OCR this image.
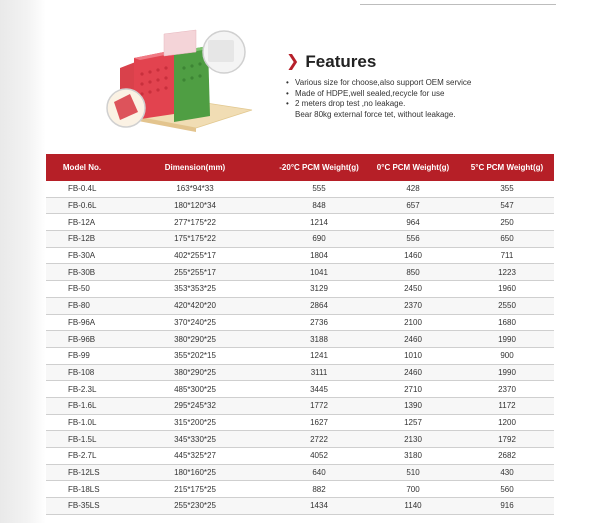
❯ Features
• Various size for choose,also support OEM service
• Made of HDPE,well sealed,recycle for use
• 2 meters drop test ,no leakage.
Bear 80kg external force tet, without leakage.
Model No.	Dimension(mm)	-20°C PCM Weight(g)	0°C PCM Weight(g)	5°C PCM Weight(g)
FB-0.4L	163*94*33	555	428	355
FB-0.6L	180*120*34	848	657	547
FB-12A	277*175*22	1214	964	250
FB-12B	175*175*22	690	556	650
FB-30A	402*255*17	1804	1460	711
FB-30B	255*255*17	1041	850	1223
FB-50	353*353*25	3129	2450	1960
FB-80	420*420*20	2864	2370	2550
FB-96A	370*240*25	2736	2100	1680
FB-96B	380*290*25	3188	2460	1990
FB-99	355*202*15	1241	1010	900
FB-108	380*290*25	3111	2460	1990
FB-2.3L	485*300*25	3445	2710	2370
FB-1.6L	295*245*32	1772	1390	1172
FB-1.0L	315*200*25	1627	1257	1200
FB-1.5L	345*330*25	2722	2130	1792
FB-2.7L	445*325*27	4052	3180	2682
FB-12LS	180*160*25	640	510	430
FB-18LS	215*175*25	882	700	560
FB-35LS	255*230*25	1434	1140	916
